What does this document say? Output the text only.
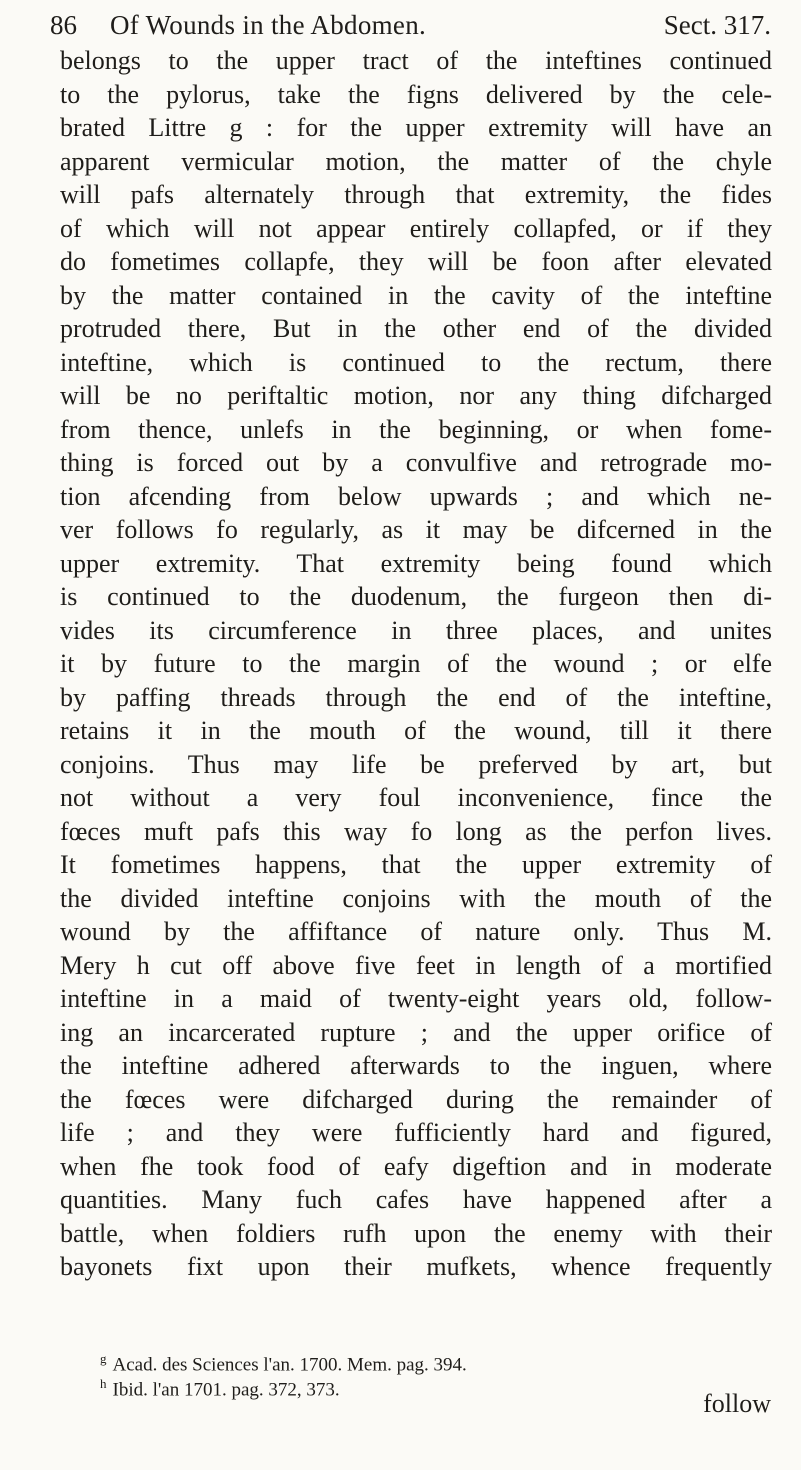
86 Of Wounds in the Abdomen.	Sect. 317.
belongs to the upper tract of the inteftines continued
to the pylorus, take the figns delivered by the cele-
brated Littre g : for the upper extremity will have an
apparent vermicular motion, the matter of the chyle
will pafs alternately through that extremity, the fides
of which will not appear entirely collapfed, or if they
do fometimes collapfe, they will be foon after elevated
by the matter contained in the cavity of the inteftine
protruded there, But in the other end of the divided
inteftine, which is continued to the rectum, there
will be no periftaltic motion, nor any thing difcharged
from thence, unlefs in the beginning, or when fome-
thing is forced out by a convulfive and retrograde mo-
tion afcending from below upwards ; and which ne-
ver follows fo regularly, as it may be difcerned in the
upper extremity. That extremity being found which
is continued to the duodenum, the furgeon then di-
vides its circumference in three places, and unites
it by future to the margin of the wound ; or elfe
by paffing threads through the end of the inteftine,
retains it in the mouth of the wound, till it there
conjoins. Thus may life be preferved by art, but
not without a very foul inconvenience, fince the
fœces muft pafs this way fo long as the perfon lives.
It fometimes happens, that the upper extremity of
the divided inteftine conjoins with the mouth of the
wound by the affiftance of nature only. Thus M.
Mery h cut off above five feet in length of a mortified
inteftine in a maid of twenty-eight years old, follow-
ing an incarcerated rupture ; and the upper orifice of
the inteftine adhered afterwards to the inguen, where
the fœces were difcharged during the remainder of
life ; and they were fufficiently hard and figured,
when fhe took food of eafy digeftion and in moderate
quantities. Many fuch cafes have happened after a
battle, when foldiers rufh upon the enemy with their
bayonets fixt upon their mufkets, whence frequently
$^g$ Acad. des Sciences l'an. 1700. Mem. pag. 394.
$^h$ Ibid. l'an 1701. pag. 372, 373.	follow
